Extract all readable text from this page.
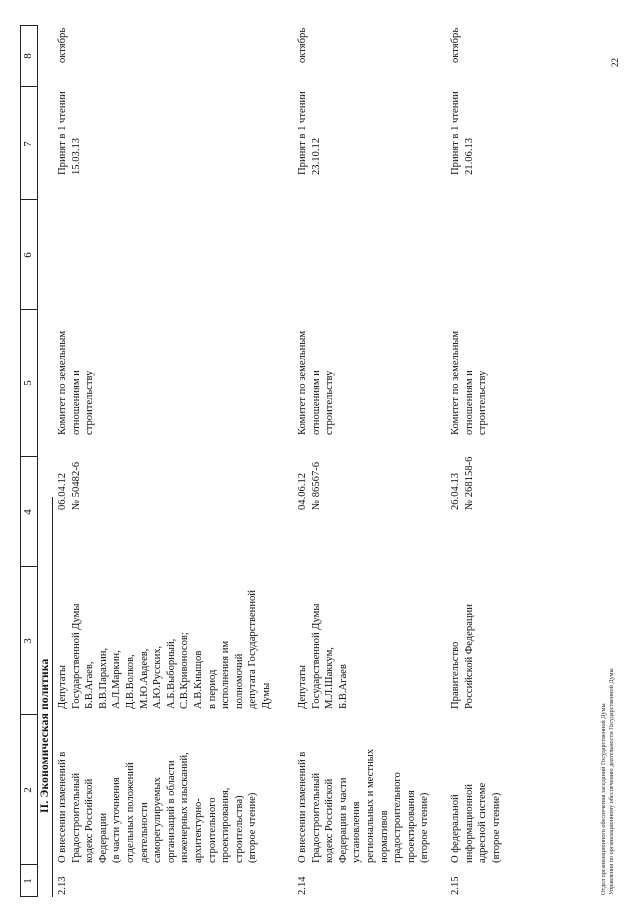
1
2
3
4
5
6
7
8
II. Экономическая политика
2.13
О внесении изменений в
Градостроительный
кодекс Российской
Федерации
(в части уточнения
отдельных положений
деятельности
саморегулируемых
организаций в области
инженерных изысканий,
архитектурно-
строительного
проектирования,
строительства)
(второе чтение)
Депутаты
Государственной Думы
Б.В.Агаев,
В.В.Парахин,
А.Л.Маркин,
Д.В.Волков,
М.Ю.Авдеев,
А.Ю.Русских,
А.Б.Выборный,
С.В.Кривоносов;
А.В.Кныщов
в период
исполнения им
полномочий
депутата Государственной
Думы
06.04.12
№ 50482-6
Комитет по земельным
отношениям и
строительству
Принят в 1 чтении
15.03.13
октябрь
2.14
О внесении изменений в
Градостроительный
кодекс Российской
Федерации в части
установления
региональных и местных
нормативов
градостроительного
проектирования
(второе чтение)
Депутаты
Государственной Думы
М.Л.Шаккум,
Б.В.Агаев
04.06.12
№ 86567-6
Комитет по земельным
отношениям и
строительству
Принят в 1 чтении
23.10.12
октябрь
2.15
О федеральной
информационной
адресной системе
(второе чтение)
Правительство
Российской Федерации
26.04.13
№ 268158-6
Комитет по земельным
отношениям и
строительству
Принят в 1 чтении
21.06.13
октябрь
Отдел организационного обеспечения заседаний Государственной Думы
Управления по организационному обеспечению деятельности Государственной Думы
22
